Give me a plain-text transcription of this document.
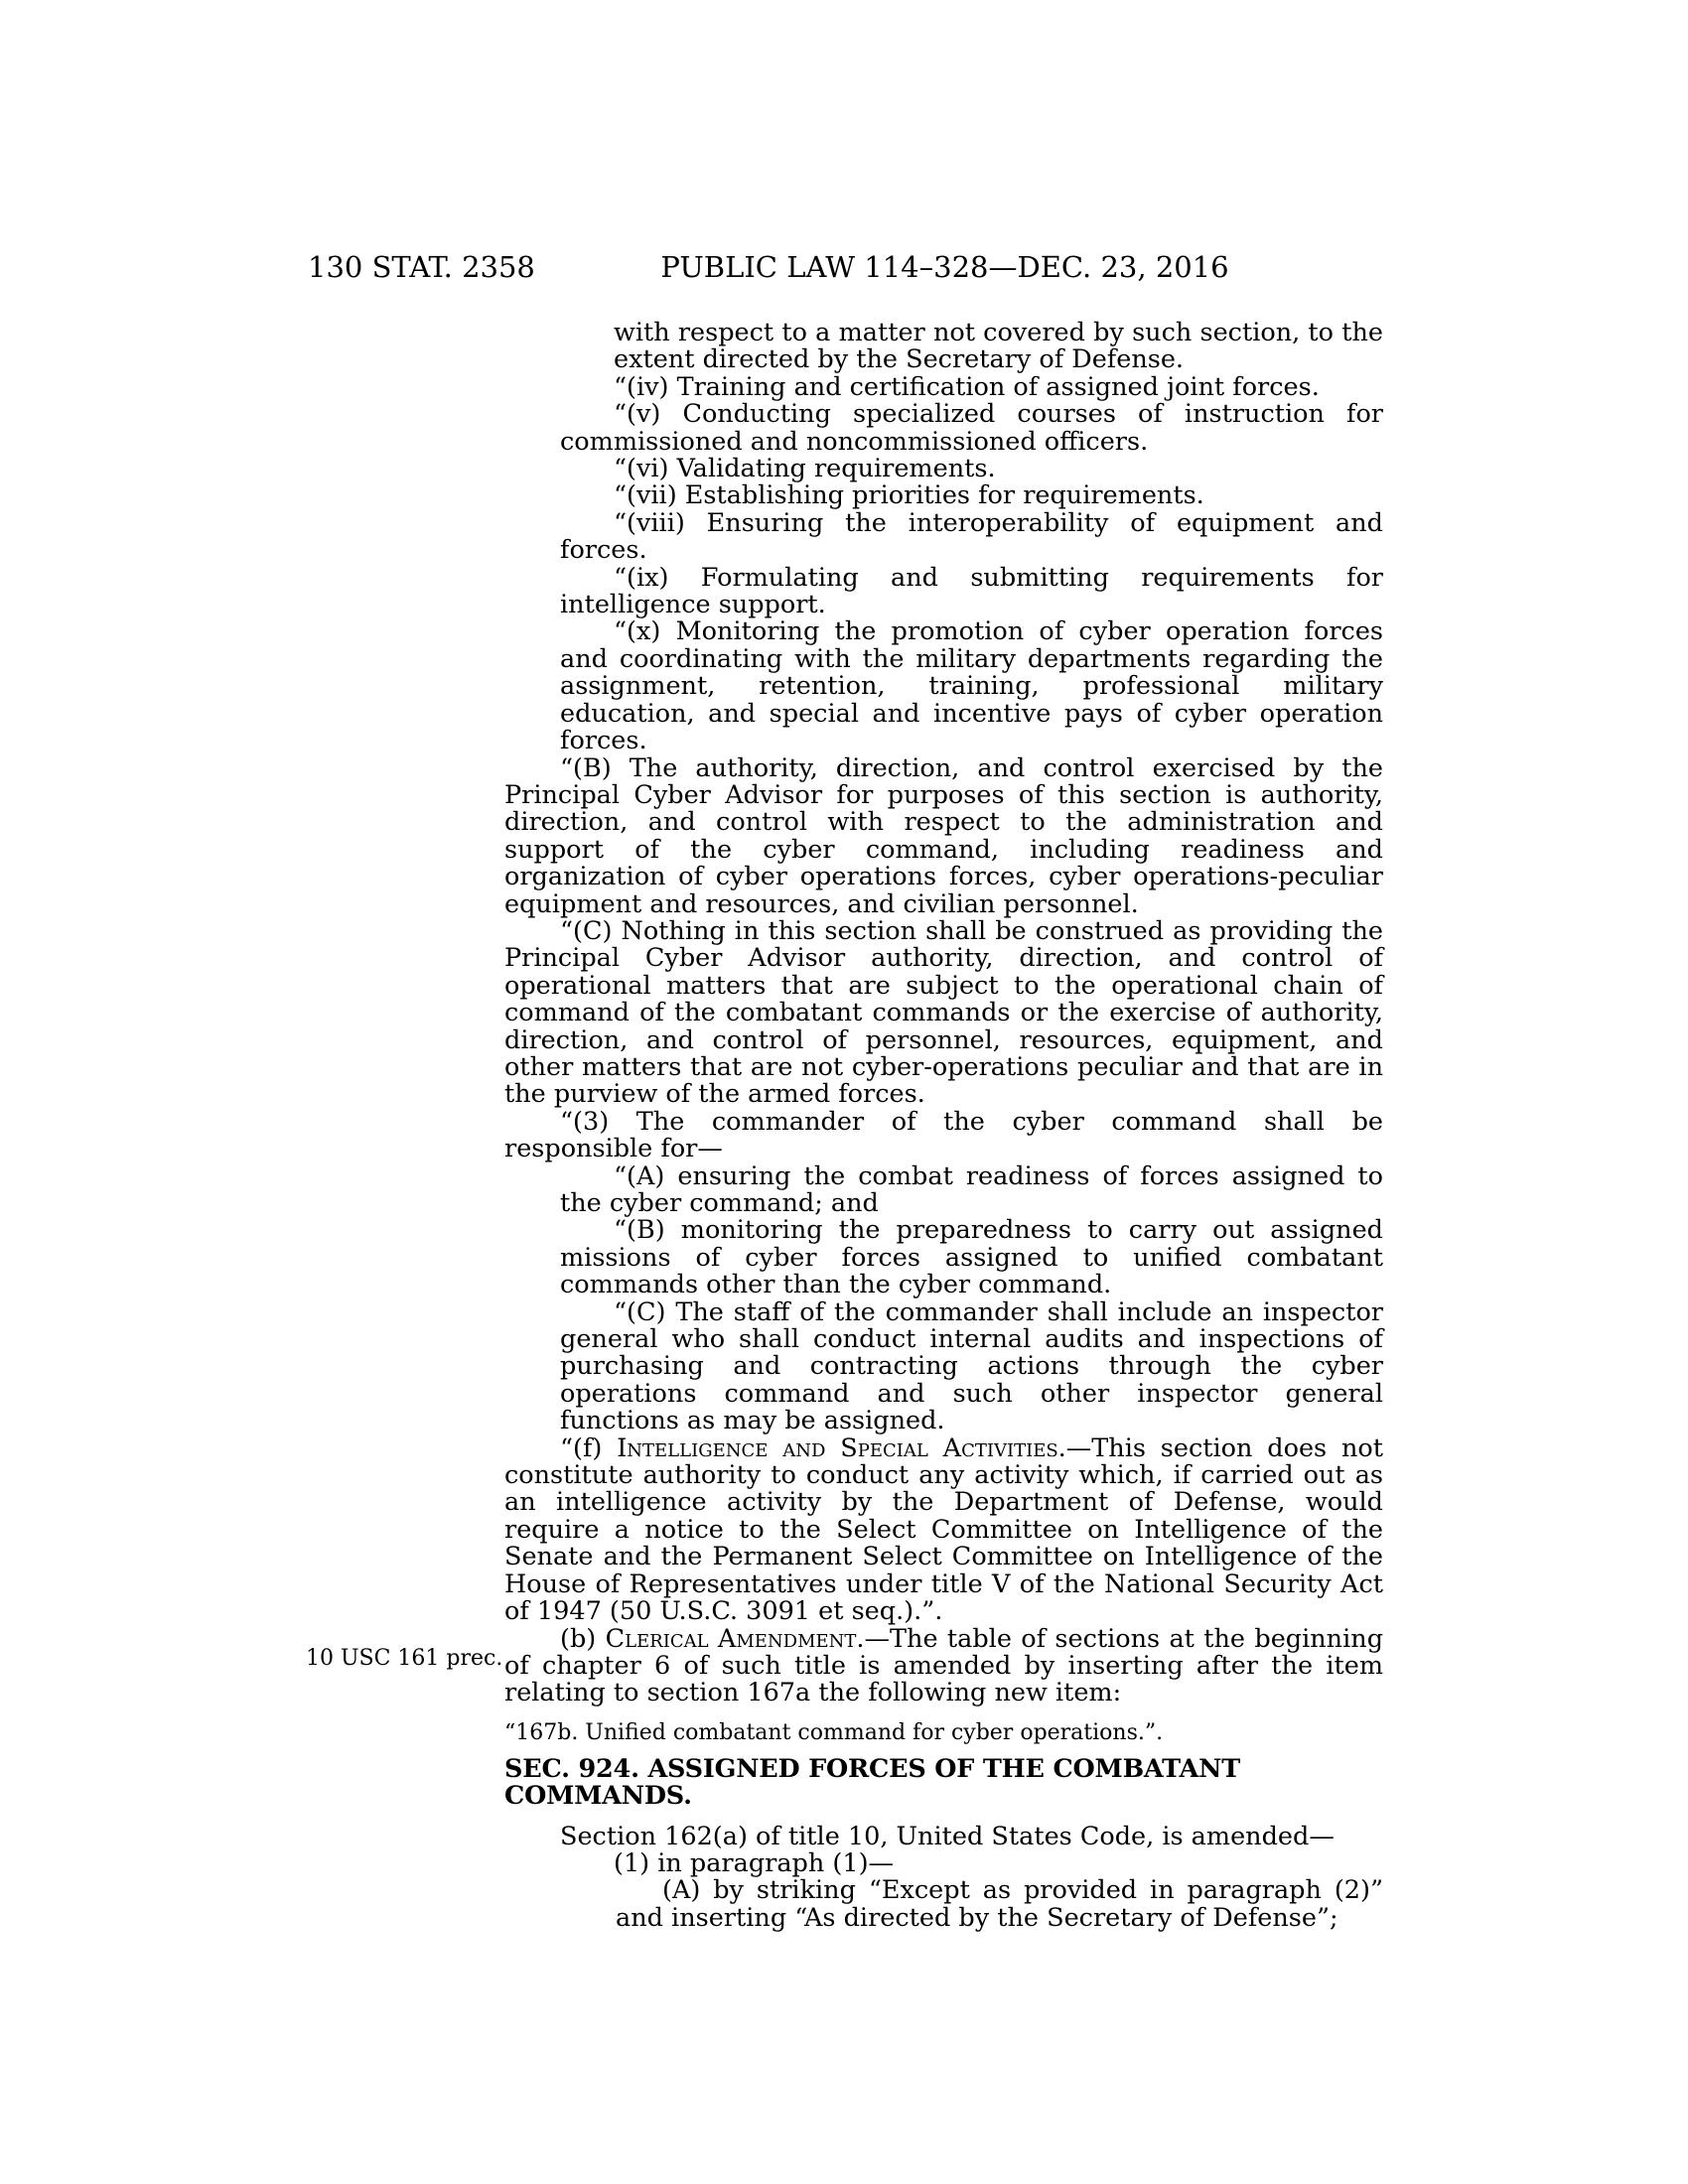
130 STAT. 2358	PUBLIC LAW 114–328—DEC. 23, 2016
10 USC 161 prec.

with respect to a matter not covered by such section, to the extent directed by the Secretary of Defense.

“(iv) Training and certification of assigned joint forces.

“(v) Conducting specialized courses of instruction for commissioned and noncommissioned officers.

“(vi) Validating requirements.

“(vii) Establishing priorities for requirements.

“(viii) Ensuring the interoperability of equipment and forces.

“(ix) Formulating and submitting requirements for intelligence support.

“(x) Monitoring the promotion of cyber operation forces and coordinating with the military departments regarding the assignment, retention, training, professional military education, and special and incentive pays of cyber operation forces.

“(B) The authority, direction, and control exercised by the Principal Cyber Advisor for purposes of this section is authority, direction, and control with respect to the administration and support of the cyber command, including readiness and organization of cyber operations forces, cyber operations-peculiar equipment and resources, and civilian personnel.

“(C) Nothing in this section shall be construed as providing the Principal Cyber Advisor authority, direction, and control of operational matters that are subject to the operational chain of command of the combatant commands or the exercise of authority, direction, and control of personnel, resources, equipment, and other matters that are not cyber-operations peculiar and that are in the purview of the armed forces.

“(3) The commander of the cyber command shall be responsible for—

“(A) ensuring the combat readiness of forces assigned to the cyber command; and

“(B) monitoring the preparedness to carry out assigned missions of cyber forces assigned to unified combatant commands other than the cyber command.

“(C) The staff of the commander shall include an inspector general who shall conduct internal audits and inspections of purchasing and contracting actions through the cyber operations command and such other inspector general functions as may be assigned.

“(f) Intelligence and Special Activities.—This section does not constitute authority to conduct any activity which, if carried out as an intelligence activity by the Department of Defense, would require a notice to the Select Committee on Intelligence of the Senate and the Permanent Select Committee on Intelligence of the House of Representatives under title V of the National Security Act of 1947 (50 U.S.C. 3091 et seq.).”.

(b) Clerical Amendment.—The table of sections at the beginning of chapter 6 of such title is amended by inserting after the item relating to section 167a the following new item:

“167b. Unified combatant command for cyber operations.”.

SEC. 924. ASSIGNED FORCES OF THE COMBATANT COMMANDS.

Section 162(a) of title 10, United States Code, is amended—

(1) in paragraph (1)—

(A) by striking “Except as provided in paragraph (2)” and inserting “As directed by the Secretary of Defense”;
